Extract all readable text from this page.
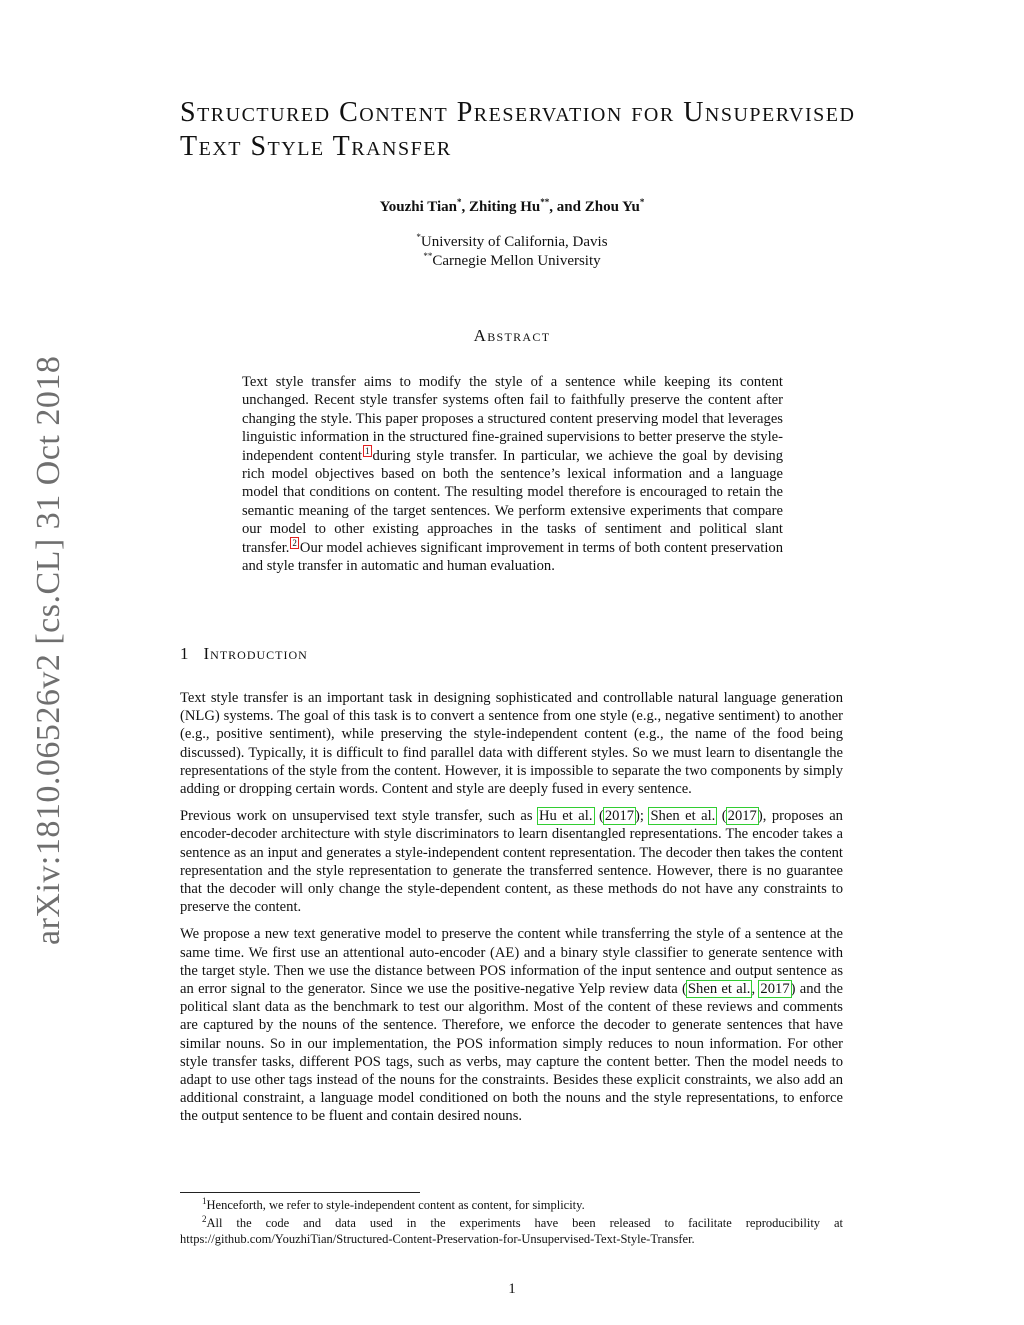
arXiv:1810.06526v2 [cs.CL] 31 Oct 2018
Structured Content Preservation for Unsupervised Text Style Transfer
Youzhi Tian*, Zhiting Hu**, and Zhou Yu*
*University of California, Davis
**Carnegie Mellon University
Abstract
Text style transfer aims to modify the style of a sentence while keeping its content unchanged. Recent style transfer systems often fail to faithfully preserve the content after changing the style. This paper proposes a structured content preserving model that leverages linguistic information in the structured fine-grained supervisions to better preserve the style-independent content $^1$ during style transfer. In particular, we achieve the goal by devising rich model objectives based on both the sentence’s lexical information and a language model that conditions on content. The resulting model therefore is encouraged to retain the semantic meaning of the target sentences. We perform extensive experiments that compare our model to other existing approaches in the tasks of sentiment and political slant transfer. $^2$ Our model achieves significant improvement in terms of both content preservation and style transfer in automatic and human evaluation.
1 Introduction

Text style transfer is an important task in designing sophisticated and controllable natural language generation (NLG) systems. The goal of this task is to convert a sentence from one style (e.g., negative sentiment) to another (e.g., positive sentiment), while preserving the style-independent content (e.g., the name of the food being discussed). Typically, it is difficult to find parallel data with different styles. So we must learn to disentangle the representations of the style from the content. However, it is impossible to separate the two components by simply adding or dropping certain words. Content and style are deeply fused in every sentence.

Previous work on unsupervised text style transfer, such as Hu et al. (2017); Shen et al. (2017), proposes an encoder-decoder architecture with style discriminators to learn disentangled representations. The encoder takes a sentence as an input and generates a style-independent content representation. The decoder then takes the content representation and the style representation to generate the transferred sentence. However, there is no guarantee that the decoder will only change the style-dependent content, as these methods do not have any constraints to preserve the content.

We propose a new text generative model to preserve the content while transferring the style of a sentence at the same time. We first use an attentional auto-encoder (AE) and a binary style classifier to generate sentence with the target style. Then we use the distance between POS information of the input sentence and output sentence as an error signal to the generator. Since we use the positive-negative Yelp review data (Shen et al., 2017) and the political slant data as the benchmark to test our algorithm. Most of the content of these reviews and comments are captured by the nouns of the sentence. Therefore, we enforce the decoder to generate sentences that have similar nouns. So in our implementation, the POS information simply reduces to noun information. For other style transfer tasks, different POS tags, such as verbs, may capture the content better. Then the model needs to adapt to use other tags instead of the nouns for the constraints. Besides these explicit constraints, we also add an additional constraint, a language model conditioned on both the nouns and the style representations, to enforce the output sentence to be fluent and contain desired nouns.

$^1$Henceforth, we refer to style-independent content as content, for simplicity.

$^2$All the code and data used in the experiments have been released to facilitate reproducibility at https://github.com/YouzhiTian/Structured-Content-Preservation-for-Unsupervised-Text-Style-Transfer.

1
